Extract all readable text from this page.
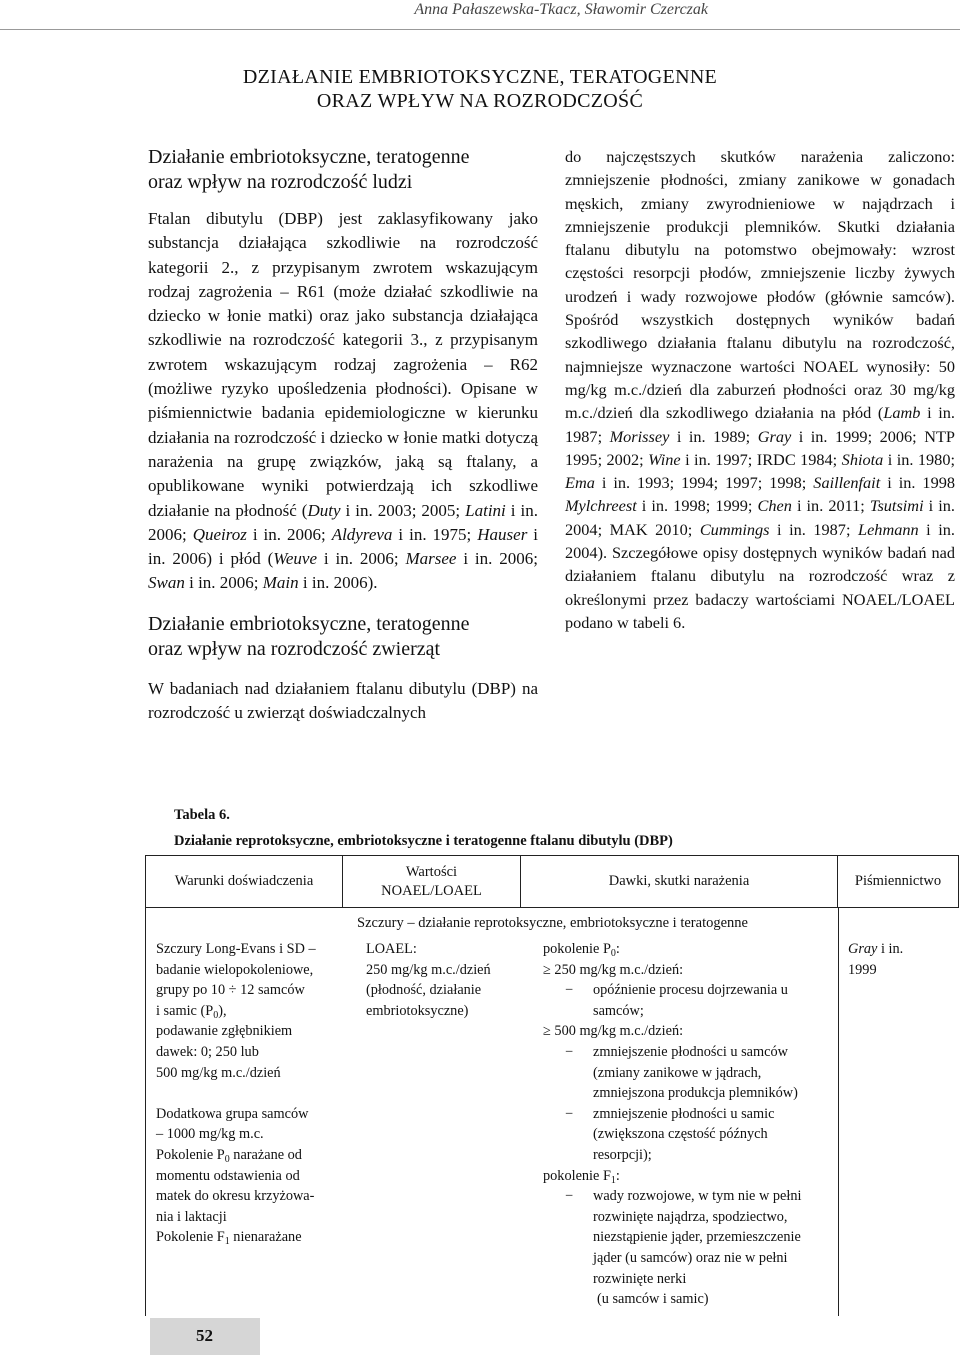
Anna Pałaszewska-Tkacz, Sławomir Czerczak
DZIAŁANIE EMBRIOTOKSYCZNE, TERATOGENNE
ORAZ WPŁYW NA ROZRODCZOŚĆ
Działanie embriotoksyczne, teratogenne
oraz wpływ na rozrodczość ludzi

Ftalan dibutylu (DBP) jest zaklasyfikowany jako substancja działająca szkodliwie na rozrodczość kategorii 2., z przypisanym zwrotem wskazującym rodzaj zagrożenia – R61 (może działać szkodliwie na dziecko w łonie matki) oraz jako substancja działająca szkodliwie na rozrodczość kategorii 3., z przypisanym zwrotem wskazującym rodzaj zagrożenia – R62 (możliwe ryzyko upośledzenia płodności). Opisane w piśmiennictwie badania epidemiologiczne w kierunku działania na rozrodczość i dziecko w łonie matki dotyczą narażenia na grupę związków, jaką są ftalany, a opublikowane wyniki potwierdzają ich szkodliwe działanie na płodność (Duty i in. 2003; 2005; Latini i in. 2006; Queiroz i in. 2006; Aldyreva i in. 1975; Hauser i in. 2006) i płód (Weuve i in. 2006; Marsee i in. 2006; Swan i in. 2006; Main i in. 2006).

Działanie embriotoksyczne, teratogenne
oraz wpływ na rozrodczość zwierząt

W badaniach nad działaniem ftalanu dibutylu (DBP) na rozrodczość u zwierząt doświadczalnych

do najczęstszych skutków narażenia zaliczono: zmniejszenie płodności, zmiany zanikowe w gonadach męskich, zmiany zwyrodnieniowe w najądrzach i zmniejszenie produkcji plemników. Skutki działania ftalanu dibutylu na potomstwo obejmowały: wzrost częstości resorpcji płodów, zmniejszenie liczby żywych urodzeń i wady rozwojowe płodów (głównie samców). Spośród wszystkich dostępnych wyników badań szkodliwego działania ftalanu dibutylu na rozrodczość, najmniejsze wyznaczone wartości NOAEL wynosiły: 50 mg/kg m.c./dzień dla zaburzeń płodności oraz 30 mg/kg m.c./dzień dla szkodliwego działania na płód (Lamb i in. 1987; Morissey i in. 1989; Gray i in. 1999; 2006; NTP 1995; 2002; Wine i in. 1997; IRDC 1984; Shiota i in. 1980; Ema i in. 1993; 1994; 1997; 1998; Saillenfait i in. 1998 Mylchreest i in. 1998; 1999; Chen i in. 2011; Tsutsimi i in. 2004; MAK 2010; Cummings i in. 1987; Lehmann i in. 2004). Szczegółowe opisy dostępnych wyników badań nad działaniem ftalanu dibutylu na rozrodczość wraz z określonymi przez badaczy wartościami NOAEL/LOAEL podano w tabeli 6.

Tabela 6.
Działanie reprotoksyczne, embriotoksyczne i teratogenne ftalanu dibutylu (DBP)
Warunki doświadczenia
Wartości
NOAEL/LOAEL
Dawki, skutki narażenia	Piśmiennictwo
Szczury – działanie reprotoksyczne, embriotoksyczne i teratogenne
Szczury Long-Evans i SD –
badanie wielopokoleniowe,
grupy po 10 ÷ 12 samców
i samic $(P_0)$,
podawanie zgłębnikiem
dawek: 0; 250 lub
500 mg/kg m.c./dzień
Dodatkowa grupa samców
– 1000 mg/kg m.c.
Pokolenie $P_0$ narażane od
momentu odstawienia od
matek do okresu krzyżowa-
nia i laktacji
Pokolenie $F_1$ nienarażane
LOAEL:
250 mg/kg m.c./dzień
(płodność, działanie
embriotoksyczne)
pokolenie $P_0$:
≥ 250 mg/kg m.c./dzień:
− opóźnienie procesu dojrzewania u samców;
≥ 500 mg/kg m.c./dzień:
− zmniejszenie płodności u samców (zmiany zanikowe w jądrach, zmniejszona produkcja plemników)
− zmniejszenie płodności u samic (zwiększona częstość późnych resorpcji);
pokolenie $F_1$:
− wady rozwojowe, w tym nie w pełni rozwinięte najądrza, spodziectwo, niezstąpienie jąder, przemieszczenie jąder (u samców) oraz nie w pełni rozwinięte nerki
(u samców i samic)
Gray i in.
1999
52
